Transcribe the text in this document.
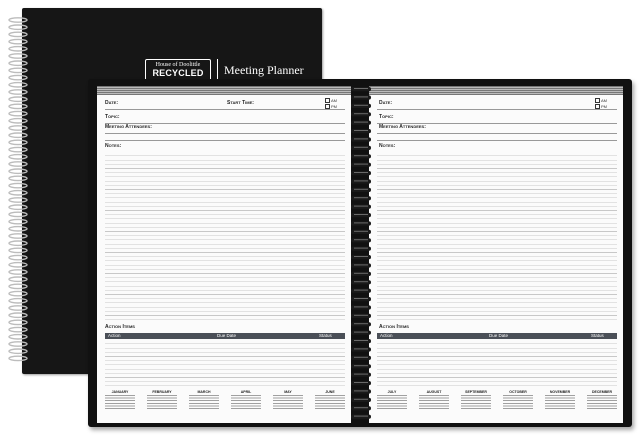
House of Doolittle
RECYCLED Meeting Planner
Date:	Start Time:	AM
PM
Topic:
Meeting Attendees:
Notes:
Action Items
Action	Due Date	Status
JANUARY	FEBRUARY	MARCH	APRIL	MAY	JUNE
Date:	AM
PM
Topic:
Meeting Attendees:
Notes:
Action Items
Action	Due Date	Status
JULY	AUGUST	SEPTEMBER	OCTOBER	NOVEMBER	DECEMBER
